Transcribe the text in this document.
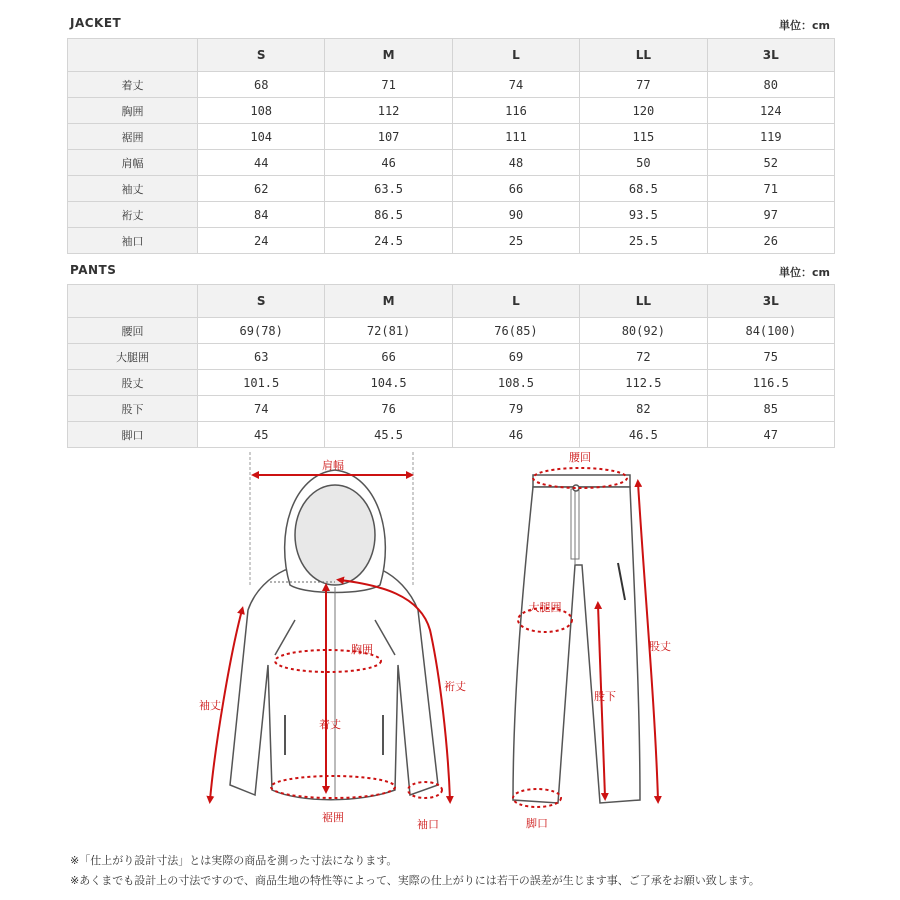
JACKET	単位：cm
	S	M	L	LL	3L
着丈	68	71	74	77	80
胸囲	108	112	116	120	124
裾囲	104	107	111	115	119
肩幅	44	46	48	50	52
袖丈	62	63.5	66	68.5	71
裄丈	84	86.5	90	93.5	97
袖口	24	24.5	25	25.5	26
PANTS	単位：cm
	S	M	L	LL	3L
腰回	69(78)	72(81)	76(85)	80(92)	84(100)
大腿囲	63	66	69	72	75
股丈	101.5	104.5	108.5	112.5	116.5
股下	74	76	79	82	85
脚口	45	45.5	46	46.5	47
肩幅
胸囲
着丈
袖丈
裄丈
裾囲
袖口
腰回
大腿囲
股下
股丈
脚口
※「仕上がり設計寸法」とは実際の商品を測った寸法になります。
※あくまでも設計上の寸法ですので、商品生地の特性等によって、実際の仕上がりには若干の誤差が生じます事、ご了承をお願い致します。
